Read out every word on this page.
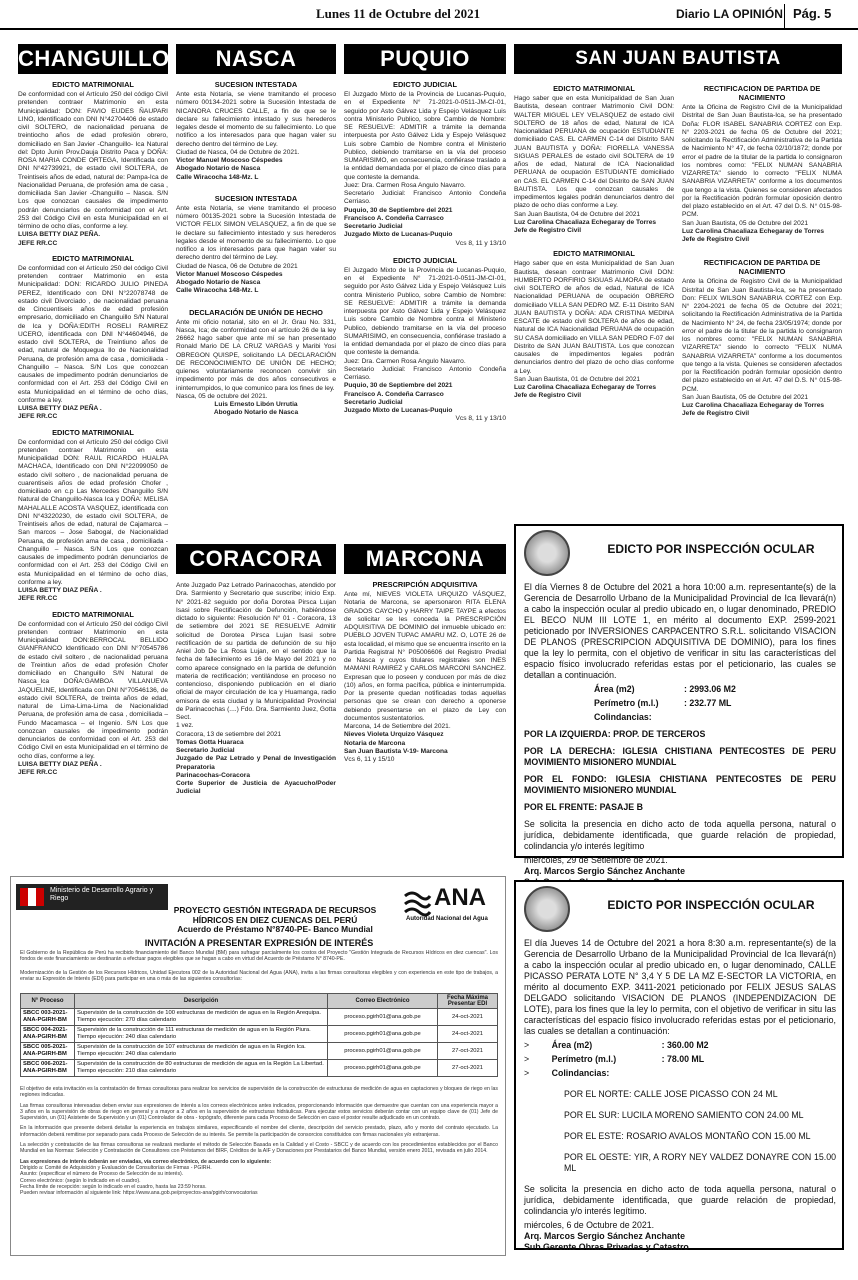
Lunes 11 de Octubre del 2021	Diario LA OPINIÓN Pág. 5
CHANGUILLO
EDICTO MATRIMONIAL
De conformidad con el Artículo 250 del código Civil pretenden contraer Matrimonio en esta Municipalidad: DON: FAVIO EUDES ÑAUPARI LINO, Identificado con DNI N°42704406 de estado civil SOLTERO, de nacionalidad peruana de treintiocho años de edad profesión obrero, domiciliado en San Javier -Changuillo- Ica Natural del: Dpto Junin Prov.Dauja Distrito Paca y DOÑA: ROSA MARIA CONDE ORTEGA, Identificada con DNI N°42739921, de estado civil SOLTERA, de Treintiseis años de edad, natural de: Pampa-Ica de Nacionalidad Peruana, de profesión ama de casa , domiciliada San Javier -Changuillo – Nasca. S/N Los que conozcan causales de impedimento podrán denunciarlos de conformidad con el Art. 253 del Código Civil en esta Municipalidad en el término de ocho días, conforme a ley.
LUISA BETTY DIAZ PEÑA.
JEFE RR.CC
EDICTO MATRIMONIAL
De conformidad con el Artículo 250 del código Civil pretenden contraer Matrimonio en esta Municipalidad: DON: RICARDO JULIO PINEDA PEREZ, Identificado con DNI N°22078748 de estado civil Divorciado , de nacionalidad peruana de Cincuentiseis años de edad profesión empresario, domiciliado en Changuillo S/N Natural de Ica y DOÑA:EDITH ROSELI RAMIREZ UCERO, identificada con DNI N°44604946, de estado civil SOLTERA, de Treintiuno años de edad, natural de Moquegua Ilo de Nacionalidad Peruana, de profesión ama de casa , domiciliada - Changuillo – Nasca. S/N Los que conozcan causales de impedimento podrán denunciarlos de conformidad con el Art. 253 del Código Civil en esta Municipalidad en el término de ocho días, conforme a ley.
LUISA BETTY DIAZ PEÑA .
JEFE RR.CC
EDICTO MATRIMONIAL
De conformidad con el Artículo 250 del código Civil pretenden contraer Matrimonio en esta Municipalidad DON: RAUL RICARDO HUALPA MACHACA, Identificado con DNI N°22099050 de estado civil soltero , de nacionalidad peruana de cuarentiseis años de edad profesión Chofer , domiciliado en c.p Las Mercedes Changuillo S/N Natural de Changuillo-Nasca Ica y DOÑA: MELISA MAHALALLE ACOSTA VASQUEZ, identificada con DNI N°43220230, de estado civil SOLTERA, de Treintiseis años de edad, natural de Cajamarca – San marcos – Jose Sabogal, de Nacionalidad Peruana, de profesión ama de casa , domiciliada - Changuillo – Nasca. S/N Los que conozcan causales de impedimento podrán denunciarlos de conformidad con el Art. 253 del Código Civil en esta Municipalidad en el término de ocho días, conforme a ley.
LUISA BETTY DIAZ PEÑA .
JEFE RR.CC
EDICTO MATRIMONIAL
De conformidad con el Artículo 250 del código Civil pretenden contraer Matrimonio en esta Municipalidad DON:BERROCAL BELLIDO GIANFRANCO Identificado con DNI N°70545786 de estado civil soltero , de nacionalidad peruana de Treintiun años de edad profesión Chofer domiciliado en Changuillo S/N Natural de Nasca_Ica DOÑA:GAMBOA VILLANUEVA JAQUELINE, Identificada con DNI N°70546136, de estado civil SOLTERA, de treinta años de edad, natural de Lima-Lima-Lima de Nacionalidad Peruana, de profesión ama de casa , domiciliada –Fundo Macamasca – el Ingenio. S/N Los que conozcan causales de impedimento podrán denunciarlos de conformidad con el Art. 253 del Código Civil en esta Municipalidad en el término de ocho días, conforme a ley.
LUISA BETTY DIAZ PEÑA .
JEFE RR.CC
NASCA
SUCESION INTESTADA
Ante esta Notaría, se viene tramitando el proceso número 00134-2021 sobre la Sucesión Intestada de NICANORA CRUCES CALLE, a fin de que se le declare su fallecimiento intestado y sus herederos legales desde el momento de su fallecimiento. Lo que notifico a los interesados para que hagan valer su derecho dentro del término de Ley.
Ciudad de Nasca, 04 de Octubre de 2021.
Victor Manuel Moscoso Céspedes
Abogado Notario de Nasca
Calle Wiracocha 148-Mz. L
SUCESION INTESTADA
Ante esta Notaría, se viene tramitando el proceso número 00135-2021 sobre la Sucesión Intestada de VICTOR FELIX SIMON VELASQUEZ, a fin de que se le declare su fallecimiento intestado y sus herederos legales desde el momento de su fallecimiento. Lo que notifico a los interesados para que hagan valer su derecho dentro del término de Ley.
Ciudad de Nasca, 06 de Octubre de 2021
Victor Manuel Moscoso Céspedes
Abogado Notario de Nasca
Calle Wiracocha 148-Mz. L
DECLARACIÓN DE UNIÓN DE HECHO
Ante mi oficio notarial, sito en el Jr. Grau No. 331, Nasca, Ica; de conformidad con el artículo 26 de la ley 26662 hago saber que ante mí se han presentado Ronald Mario DE LA CRUZ VARGAS y Maribi Yosi OBREGON QUISPE, solicitando LA DECLARACIÓN DE RECONOCIMIENTO DE UNIÓN DE HECHO; quienes voluntariamente reconocen convivir sin impedimento por más de dos años consecutivos e ininterrumpidos, lo que comunico para los fines de ley.
Nasca, 05 de octubre del 2021.
Luis Ernesto Libón Urrutia
Abogado Notario de Nasca
PUQUIO
EDICTO JUDICIAL
El Juzgado Mixto de la Provincia de Lucanas-Puquio, en el Expediente N° 71-2021-0-0511-JM-CI-01, seguido por Asto Gálvez Lida y Espejo Velásquez Luis contra Ministerio Publico, sobre Cambio de Nombre: SE RESUELVE: ADMITIR a trámite la demanda interpuesta por Asto Gálvez Lida y Espejo Velásquez Luis sobre Cambio de Nombre contra el Ministerio Publico, debiendo tramitarse en la vía del proceso SUMARISIMO, en consecuencia, confiérase traslado a la entidad demandada por el plazo de cinco días para que conteste la demanda.
Juez: Dra. Carmen Rosa Angulo Navarro.
Secretario Judicial: Francisco Antonio Condeña Cerriaso.
Puquio, 30 de Septiembre del 2021
Francisco A. Condeña Carrasco
Secretario Judicial
Juzgado Mixto de Lucanas-Puquio
Vcs 8, 11 y 13/10
EDICTO JUDICIAL
El Juzgado Mixto de la Provincia de Lucanas-Puquio, en el Expediente N° 71-2021-0-0511-JM-CI-01, seguido por Asto Gálvez Lida y Espejo Velásquez Luis contra Ministerio Publico, sobre Cambio de Nombre: SE RESUELVE: ADMITIR a trámite la demanda interpuesta por Asto Gálvez Lida y Espejo Velásquez Luis sobre Cambio de Nombre contra el Ministerio Publico, debiendo tramitarse en la vía del proceso SUMARISIMO, en consecuencia, confiérase traslado a la entidad demandada por el plazo de cinco días para que conteste la demanda.
Juez: Dra. Carmen Rosa Angulo Navarro.
Secretario Judicial: Francisco Antonio Condeña Cerriaso.
Puquio, 30 de Septiembre del 2021
Francisco A. Condeña Carrasco
Secretario Judicial
Juzgado Mixto de Lucanas-Puquio
Vcs 8, 11 y 13/10
SAN JUAN BAUTISTA
EDICTO MATRIMONIAL
Hago saber que en esta Municipalidad de San Juan Bautista, desean contraer Matrimonio Civil DON: WALTER MIGUEL LEY VELASQUEZ de estado civil SOLTERO de 18 años de edad, Natural de ICA Nacionalidad PERUANA de ocupación ESTUDIANTE domiciliado CAS. EL CARMEN C-14 del Distrito SAN JUAN BAUTISTA y DOÑA: FIORELLA VANESSA SIGUAS PERALES de estado civil SOLTERA de 19 años de edad, Natural de ICA Nacionalidad PERUANA de ocupación ESTUDIANTE domiciliado en CAS. EL CARMEN C-14 del Distrito de SAN JUAN BAUTISTA. Los que conozcan causales de impedimentos legales podrán denunciarlos dentro del plazo de ocho días conforme a Ley.
San Juan Bautista, 04 de Octubre del 2021
Luz Carolina Chacaliaza Echegaray de Torres
Jefe de Registro Civil
EDICTO MATRIMONIAL
Hago saber que en esta Municipalidad de San Juan Bautista, desean contraer Matrimonio Civil DON: HUMBERTO PORFIRIO SIGUAS ALMORA de estado civil SOLTERO de años de edad, Natural de ICA Nacionalidad PERUANA de ocupación OBRERO domiciliado VILLA SAN PEDRO MZ. E-11 Distrito SAN JUAN BAUTISTA y DOÑA: ADA CRISTINA MEDINA ESCATE de estado civil SOLTERA de años de edad, Natural de ICA Nacionalidad PERUANA de ocupación SU CASA domiciliado en VILLA SAN PEDRO F-07 del Distrito de SAN JUAN BAUTISTA. Los que conozcan causales de impedimentos legales podrán denunciarlos dentro del plazo de ocho días conforme a Ley.
San Juan Bautista, 01 de Octubre del 2021
Luz Carolina Chacaliaza Echegaray de Torres
Jefe de Registro Civil
RECTIFICACION DE PARTIDA DE NACIMIENTO
Ante la Oficina de Registro Civil de la Municipalidad Distrital de San Juan Bautista-Ica, se ha presentado Doña: FLOR ISABEL SANABRIA CORTEZ con Exp. N° 2203-2021 de fecha 05 de Octubre del 2021; solicitando la Rectificación Administrativa de la Partida de Nacimiento N° 47, de fecha 02/10/1872; donde por error el padre de la titular de la partida lo consignaron los nombres como: "FELIX NUMAN SANABRIA VIZARRETA" siendo lo correcto "FELIX NUMA SANABRIA VIZARRETA" conforme a los documentos que tengo a la vista. Quienes se consideren afectados por la Rectificación podrán formular oposición dentro del plazo establecido en el Art. 47 del D.S. N° 015-98-PCM.
San Juan Bautista, 05 de Octubre del 2021
Luz Carolina Chacaliaza Echegaray de Torres
Jefe de Registro Civil
RECTIFICACION DE PARTIDA DE NACIMIENTO
Ante la Oficina de Registro Civil de la Municipalidad Distrital de San Juan Bautista-Ica, se ha presentado Don: FELIX WILSON SANABRIA CORTEZ con Exp. N° 2204-2021 de fecha 05 de Octubre del 2021; solicitando la Rectificación Administrativa de la Partida de Nacimiento N° 24, de fecha 23/05/1974; donde por error el padre de la titular de la partida lo consignaron los nombres como: "FELIX NUMAN SANABRIA VIZARRETA" siendo lo correcto "FELIX NUMA SANABRIA VIZARRETA" conforme a los documentos que tengo a la vista. Quienes se consideren afectados por la Rectificación podrán formular oposición dentro del plazo establecido en el Art. 47 del D.S. N° 015-98-PCM.
San Juan Bautista, 05 de Octubre del 2021
Luz Carolina Chacaliaza Echegaray de Torres
Jefe de Registro Civil
CORACORA
Ante Juzgado Paz Letrado Parinacochas, atendido por Dra. Sarmiento y Secretario que suscribe; inicio Exp. N° 2021-82 seguido por doña Dorotea Pirsca Lujan Isasi sobre Rectificación de Defunción, habiéndose dictado lo siguiente: Resolución N° 01 - Coracora, 13 de setiembre del 2021 SE RESUELVE Admitir solicitud de Dorotea Pirsca Lujan Isasi sobre rectificación de su partida de defunción de su hijo Aniel Job De La Rosa Lujan, en el sentido que la fecha de fallecimiento es 16 de Mayo del 2021 y no como aparece consignado en la partida de defunción materia de rectificación; ventilándose en proceso no contencioso, disponiendo publicación en el diario oficial de mayor circulación de Ica y Huamanga, radio emisora de esta ciudad y la Municipalidad Provincial de Parinacochas (....) Fdo. Dra. Sarmiento Juez, Gotta Sect.
1 vez.
Coracora, 13 de setiembre del 2021
Tomas Gotta Huaraca
Secretario Judicial
Juzgado de Paz Letrado y Penal de Investigación Preparatoria
Parinacochas-Coracora
Corte Superior de Justicia de Ayacucho/Poder Judicial
MARCONA
PRESCRIPCIÓN ADQUISITIVA
Ante mí, NIEVES VIOLETA URQUIZO VÁSQUEZ, Notaria de Marcona, se apersonaron RITA ELENA GRADOS CAYCHO y HARRY TAIPE TAYPE a efectos de solicitar se les conceda la PRESCRIPCIÓN ADQUISITIVA DE DOMINIO del inmueble ubicado en: PUEBLO JOVEN TUPAC AMARU MZ. O, LOTE 26 de esta localidad, el mismo que se encuentra inscrito en la Partida Registral N° P05006606 del Registro Predial de Nasca y cuyos titulares registrales son INES MAMANI RAMIREZ y CARLOS MARCONI SANCHEZ. Expresan que lo poseen y conducen por más de diez (10) años, en forma pacífica, pública e ininterrumpida. Por la presente quedan notificadas todas aquellas personas que se crean con derecho a oponerse debiendo presentarse en el plazo de Ley con documentos sustentatorios.
Marcona, 14 de Setiembre del 2021.
Nieves Violeta Urquizo Vásquez
Notaria de Marcona
San Juan Bautista V-19- Marcona
Vcs 6, 11 y 15/10
EDICTO POR INSPECCIÓN OCULAR

El día Viernes 8 de Octubre del 2021 a hora 10:00 a.m. representante(s) de la Gerencia de Desarrollo Urbano de la Municipalidad Provincial de Ica llevará(n) a cabo la inspección ocular al predio ubicado en, o lugar denominado, PREDIO EL BECO NUM III LOTE 1, en mérito al documento EXP. 2599-2021 peticionado por INVERSIONES CARPACENTRO S.R.L. solicitando VISACION DE PLANOS (PRESCRIPCION ADQUISITIVA DE DOMINIO), para los fines que la ley lo permita, con el objetivo de verificar in situ las características del espacio físico involucrado referidas estas por el peticionario, las cuales se detallan a continuación.

Área (m2)	: 2993.06 M2

Perímetro (m.l.)	: 232.77 ML

Colindancias:

POR LA IZQUIERDA: PROP. DE TERCEROS

POR LA DERECHA: IGLESIA CHISTIANA PENTECOSTES DE PERU MOVIMIENTO MISIONERO MUNDIAL

POR EL FONDO: IGLESIA CHISTIANA PENTECOSTES DE PERU MOVIMIENTO MISIONERO MUNDIAL

POR EL FRENTE: PASAJE B

Se solicita la presencia en dicho acto de toda aquella persona, natural o jurídica, debidamente identificada, que guarde relación de propiedad, colindancia y/o interés legítimo

miércoles, 29 de Setiembre de 2021.

Arq. Marcos Sergio Sánchez Anchante

EDICTO POR INSPECCIÓN OCULAR

El día Jueves 14 de Octubre del 2021 a hora 8:30 a.m. representante(s) de la Gerencia de Desarrollo Urbano de la Municipalidad Provincial de Ica llevará(n) a cabo la inspección ocular al predio ubicado en, o lugar denominado, CALLE PICASSO PERATA LOTE N° 3,4 Y 5 DE LA MZ E-SECTOR LA VICTORIA, en mérito al documento EXP. 3411-2021 peticionado por FELIX JESUS SALAS DELGADO solicitando VISACION DE PLANOS (INDEPENDIZACION DE LOTE), para los fines que la ley lo permita, con el objetivo de verificar in situ las características del espacio físico involucrado referidas estas por el peticionario, las cuales se detallan a continuación:

> Área (m2)	: 360.00 M2

> Perímetro (m.l.)	: 78.00 ML

> Colindancias:

POR EL NORTE: CALLE JOSE PICASSO CON 24 ML

POR EL SUR: LUCILA MORENO SAMIENTO CON 24.00 ML

POR EL ESTE: ROSARIO AVALOS MONTAÑO CON 15.00 ML

POR EL OESTE: YIR, A RORY NEY VALDEZ DONAYRE CON 15.00 ML

Se solicita la presencia en dicho acto de toda aquella persona, natural o jurídica, debidamente identificada, que guarde relación de propiedad, colindancia y/o interés legítimo.

miércoles, 6 de Octubre de 2021.

Arq. Marcos Sergio Sánchez Anchante

Sub Gerente Obras Privadas y Catastro

Ministerio de Desarrollo Agrario y Riego
PROYECTO GESTIÓN INTEGRADA DE RECURSOS HÍDRICOS EN DIEZ CUENCAS DEL PERÚ
Acuerdo de Préstamo N°8740-PE- Banco Mundial
ANA
Autoridad Nacional del Agua
INVITACIÓN A PRESENTAR EXPRESIÓN DE INTERÉS
El Gobierno de la República de Perú ha recibido financiamiento del Banco Mundial (BM) para sufragar parcialmente los costos del Proyecto "Gestión Integrada de Recursos Hídricos en diez cuencas". Los fondos de este financiamiento se destinarán a efectuar pagos elegibles que se hagan a cabo en virtud del Acuerdo de Préstamo N° 8740-PE.
Modernización de la Gestión de los Recursos Hídricos, Unidad Ejecutora 002 de la Autoridad Nacional del Agua (ANA), invita a las firmas consultoras elegibles y con experiencia en este tipo de trabajos, a enviar su Expresión de Interés (EDI) para participar en una o más de las siguientes consultorías:
N° Proceso	Descripción	Correo Electrónico	Fecha Máxima Presentar EDI
SBCC 003-2021-ANA-PGIRH-BM	Supervisión de la construcción de 100 estructuras de medición de agua en la Región Arequipa. Tiempo ejecución: 270 días calendario	proceso.pgirh01@ana.gob.pe	24-oct-2021
SBCC 004-2021-ANA-PGIRH-BM	Supervisión de la construcción de 111 estructuras de medición de agua en la Región Piura. Tiempo ejecución: 240 días calendario	proceso.pgirh01@ana.gob.pe	24-oct-2021
SBCC 005-2021-ANA-PGIRH-BM	Supervisión de la construcción de 107 estructuras de medición de agua en la Región Ica. Tiempo ejecución: 240 días calendario	proceso.pgirh01@ana.gob.pe	27-oct-2021
SBCC 006-2021-ANA-PGIRH-BM	Supervisión de la construcción de 80 estructuras de medición de agua en la Región La Libertad. Tiempo ejecución: 210 días calendario	proceso.pgirh01@ana.gob.pe	27-oct-2021
El objetivo de esta invitación es la contratación de firmas consultoras para realizar los servicios de supervisión de la construcción de estructuras de medición de agua en captaciones y bloques de riego en las regiones indicadas.
Las firmas consultoras interesadas deben enviar sus expresiones de interés a los correos electrónicos antes indicados, proporcionando información que demuestre que cuentan con una experiencia mayor a 3 años en la supervisión de obras de riego en general y a mayor a 2 años en la supervisión de estructuras hidráulicas. Para ejecutar estos servicios deberán contar con un equipo clave de (01) Jefe de Supervisión, un (01) Asistente de Supervisión y un (01) Controlador de obra - topógrafo, diferente para cada Proceso de Selección en caso el postor resulte adjudicado en un contrato.
En la información que presente deberá detallar la experiencia en trabajos similares, especificando el nombre del cliente, descripción del servicio prestado, plazo, año y monto del contrato ejecutado. La información deberá remitirse por separado para cada Proceso de Selección de su interés. Se permite la participación de consorcios constituidos con firmas nacionales y/o extranjeras.
La selección y contratación de las firmas consultoras se realizará mediante el método de Selección Basada en la Calidad y el Costo - SBCC y de acuerdo con los procedimientos establecidos por el Banco Mundial en las Normas: Selección y Contratación de Consultores con Préstamos del BIRF, Créditos de la AIF y Donaciones por Prestatarios del Banco Mundial, versión enero 2011, revisada en julio 2014.
Las expresiones de interés deberán ser enviadas, vía correo electrónico, de acuerdo con lo siguiente:
Dirigido a: Comité de Adquisición y Evaluación de Consultorías de Firmas - PGIRH.
Asunto: (especificar el número de Proceso de Selección de su interés).
Correo electrónico: (según lo indicado en el cuadro).
Fecha límite de recepción: según lo indicado en el cuadro, hasta las 23:59 horas.
Pueden revisar información al siguiente link: https://www.ana.gob.pe/proyectos-ana/pgirh/convocatorias
